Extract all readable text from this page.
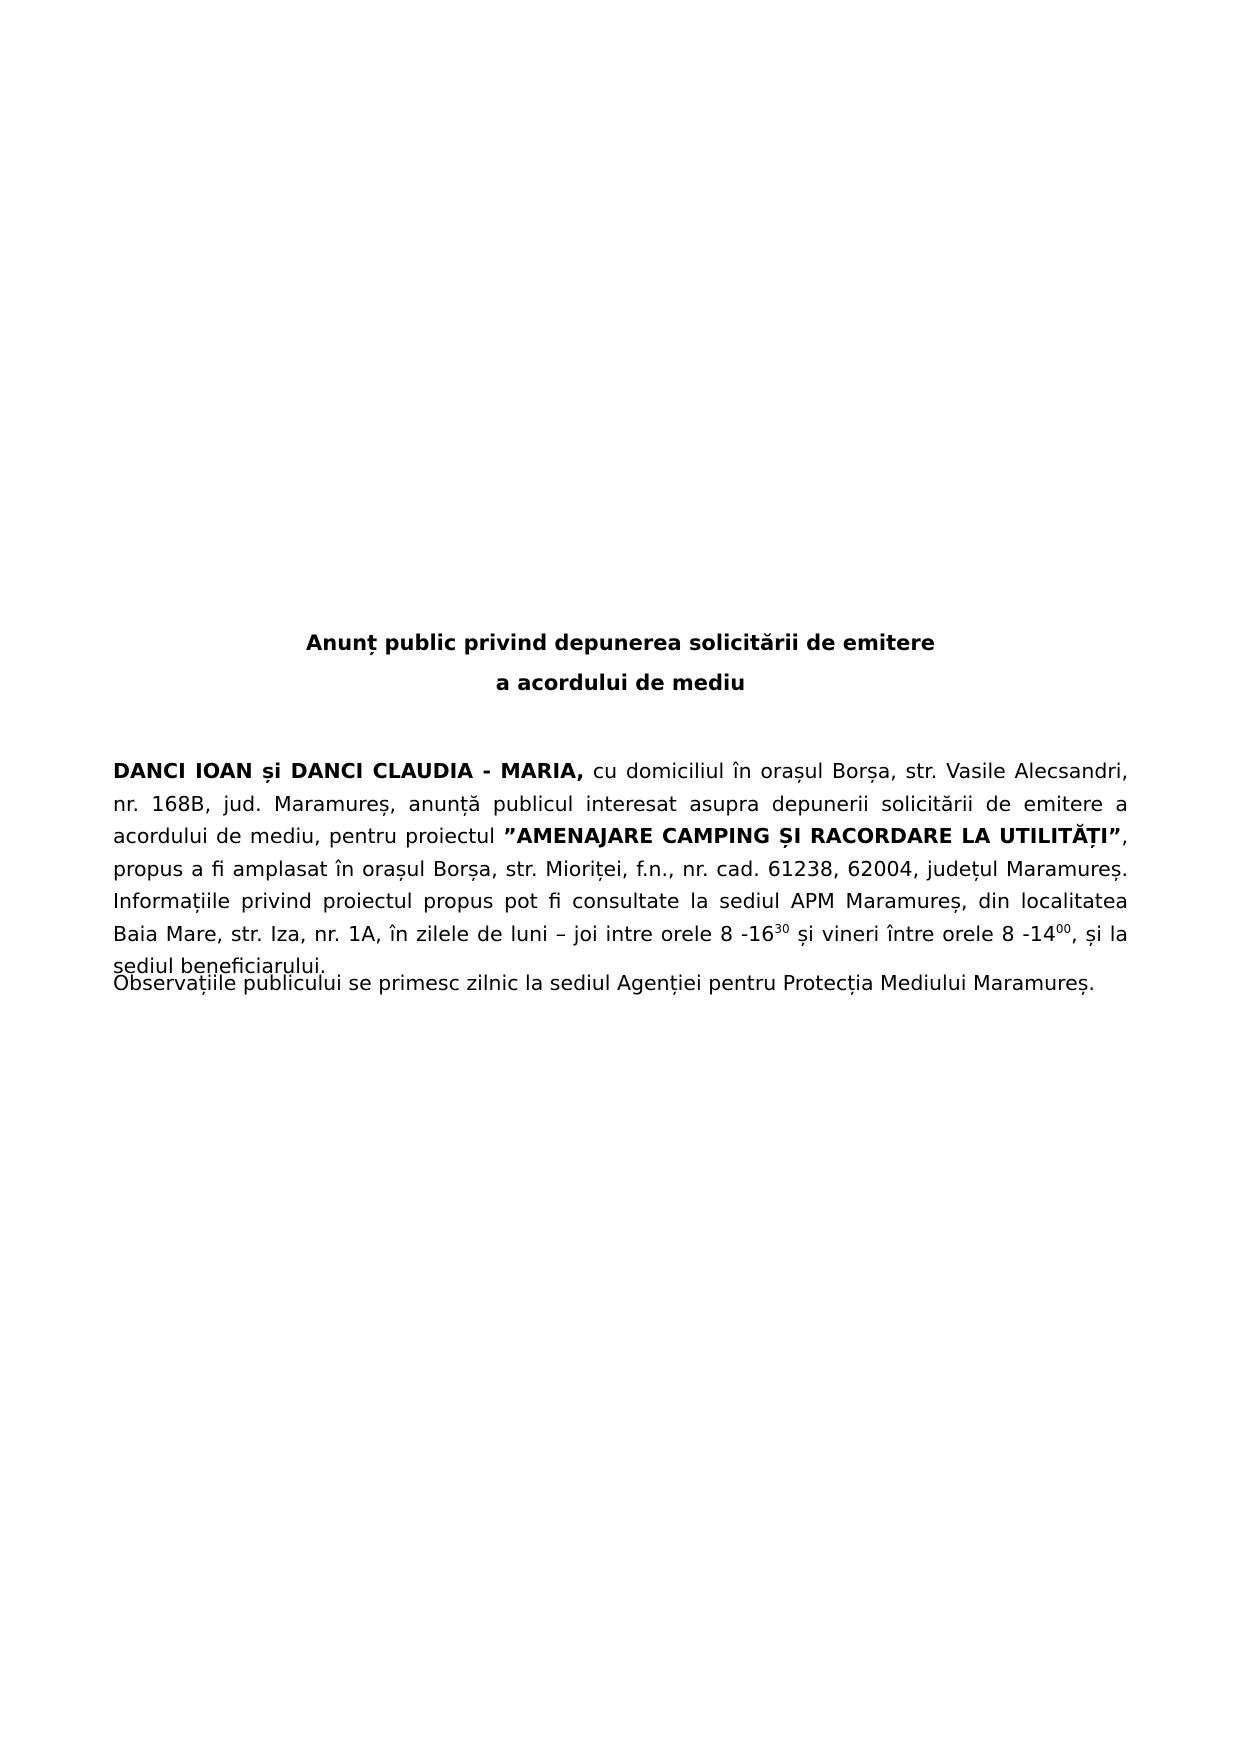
Anunț public privind depunerea solicitării de emitere
a acordului de mediu

DANCI IOAN și DANCI CLAUDIA - MARIA, cu domiciliul în orașul Borșa, str. Vasile Alecsandri, nr. 168B, jud. Maramureș, anunță publicul interesat asupra depunerii solicitării de emitere a acordului de mediu, pentru proiectul ”AMENAJARE CAMPING ȘI RACORDARE LA UTILITĂȚI”, propus a fi amplasat în orașul Borșa, str. Mioriței, f.n., nr. cad. 61238, 62004, județul Maramureș. Informațiile privind proiectul propus pot fi consultate la sediul APM Maramureș, din localitatea Baia Mare, str. Iza, nr. 1A, în zilele de luni – joi intre orele 8 $-16^{30}$ și vineri între orele 8 $-14^{00}$, și la sediul beneficiarului.

Observațiile publicului se primesc zilnic la sediul Agenției pentru Protecția Mediului Maramureș.
